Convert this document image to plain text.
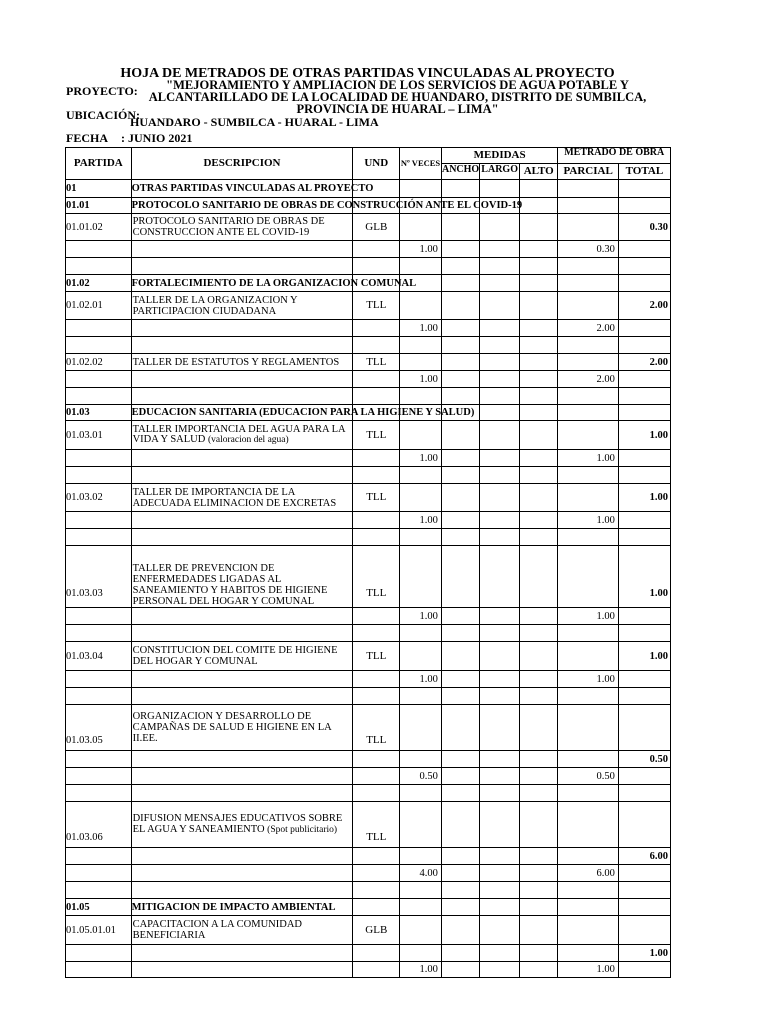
HOJA DE METRADOS DE OTRAS PARTIDAS VINCULADAS AL PROYECTO
"MEJORAMIENTO Y AMPLIACION DE LOS SERVICIOS DE AGUA POTABLE Y ALCANTARILLADO DE LA LOCALIDAD DE HUANDARO, DISTRITO DE SUMBILCA, PROVINCIA DE HUARAL – LIMA"
PROYECTO:
UBICACIÓN:
HUANDARO - SUMBILCA - HUARAL - LIMA
FECHA	: JUNIO 2021
PARTIDA	DESCRIPCION	UND	Nº VECES	MEDIDAS			METRADO DE OBRA	
				ANCHO	LARGO	ALTO	PARCIAL	TOTAL
01	OTRAS PARTIDAS VINCULADAS AL PROYECTO							
01.01	PROTOCOLO SANITARIO DE OBRAS DE CONSTRUCCIÓN ANTE EL COVID-19							
01.01.02	PROTOCOLO SANITARIO DE OBRAS DE CONSTRUCCION ANTE EL COVID-19	GLB						0.30
			1.00				0.30	

01.02	FORTALECIMIENTO DE LA ORGANIZACION COMUNAL							
01.02.01	TALLER DE LA ORGANIZACION Y PARTICIPACION CIUDADANA	TLL						2.00
			1.00				2.00	

01.02.02	TALLER DE ESTATUTOS Y REGLAMENTOS	TLL						2.00
			1.00				2.00	

01.03	EDUCACION SANITARIA (EDUCACION PARA LA HIGIENE Y SALUD)							
01.03.01	TALLER IMPORTANCIA DEL AGUA PARA LA VIDA Y SALUD (valoracion del agua)	TLL						1.00
			1.00				1.00	

01.03.02	TALLER DE IMPORTANCIA DE LA ADECUADA ELIMINACION DE EXCRETAS	TLL						1.00
			1.00				1.00	

01.03.03	TALLER DE PREVENCION DE ENFERMEDADES LIGADAS AL SANEAMIENTO Y HABITOS DE HIGIENE PERSONAL DEL HOGAR Y COMUNAL	TLL						1.00
			1.00				1.00	

01.03.04	CONSTITUCION DEL COMITE DE HIGIENE DEL HOGAR Y COMUNAL	TLL						1.00
			1.00				1.00	

01.03.05	ORGANIZACION Y DESARROLLO DE CAMPAÑAS DE SALUD E HIGIENE EN LA II.EE.	TLL						
								0.50
			0.50				0.50	

01.03.06	DIFUSION MENSAJES EDUCATIVOS SOBRE EL AGUA Y SANEAMIENTO (Spot publicitario)	TLL						
								6.00
			4.00				6.00	

01.05	MITIGACION DE IMPACTO AMBIENTAL							
01.05.01.01	CAPACITACION A LA COMUNIDAD BENEFICIARIA	GLB						
								1.00
			1.00				1.00	
